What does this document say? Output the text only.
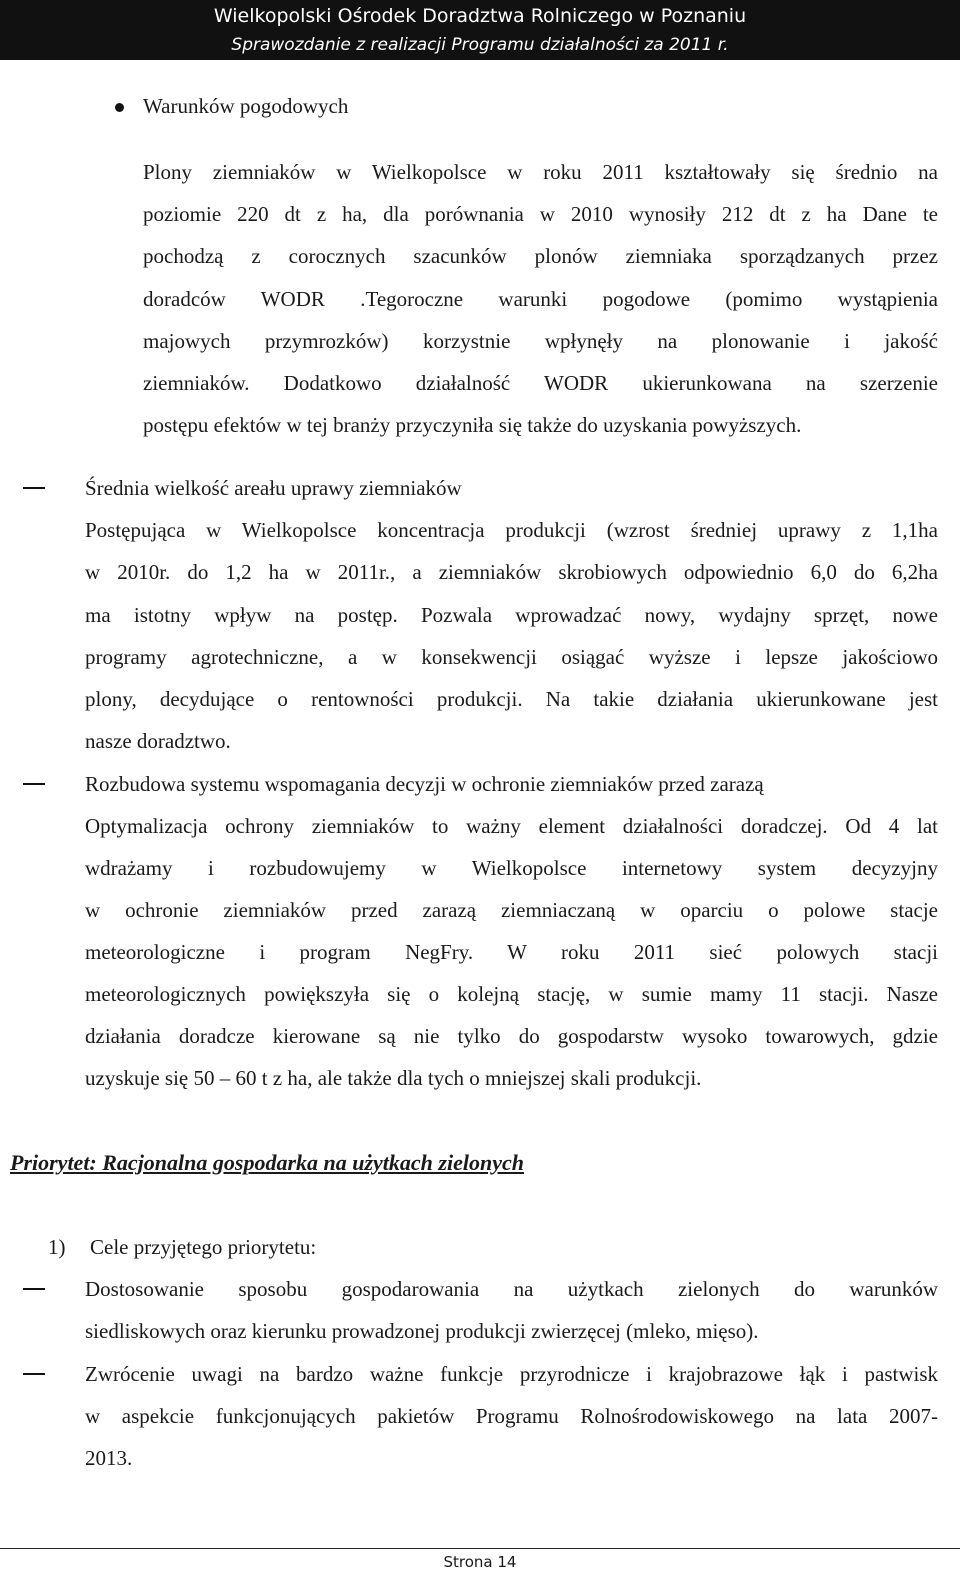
Wielkopolski Ośrodek Doradztwa Rolniczego w Poznaniu
Sprawozdanie z realizacji Programu działalności za 2011 r.
Warunków pogodowych
Plony ziemniaków w Wielkopolsce w roku 2011 kształtowały się średnio na
poziomie 220 dt z ha, dla porównania w 2010 wynosiły 212 dt z ha Dane te
pochodzą z corocznych szacunków plonów ziemniaka sporządzanych przez
doradców WODR .Tegoroczne warunki pogodowe (pomimo wystąpienia
majowych przymrozków) korzystnie wpłynęły na plonowanie i jakość
ziemniaków. Dodatkowo działalność WODR ukierunkowana na szerzenie
postępu efektów w tej branży przyczyniła się także do uzyskania powyższych.
Średnia wielkość areału uprawy ziemniaków
Postępująca w Wielkopolsce koncentracja produkcji (wzrost średniej uprawy z 1,1ha
w 2010r. do 1,2 ha w 2011r., a ziemniaków skrobiowych odpowiednio 6,0 do 6,2ha
ma istotny wpływ na postęp. Pozwala wprowadzać nowy, wydajny sprzęt, nowe
programy agrotechniczne, a w konsekwencji osiągać wyższe i lepsze jakościowo
plony, decydujące o rentowności produkcji. Na takie działania ukierunkowane jest
nasze doradztwo.
Rozbudowa systemu wspomagania decyzji w ochronie ziemniaków przed zarazą
Optymalizacja ochrony ziemniaków to ważny element działalności doradczej. Od 4 lat
wdrażamy i rozbudowujemy w Wielkopolsce internetowy system decyzyjny
w ochronie ziemniaków przed zarazą ziemniaczaną w oparciu o polowe stacje
meteorologiczne i program NegFry. W roku 2011 sieć polowych stacji
meteorologicznych powiększyła się o kolejną stację, w sumie mamy 11 stacji. Nasze
działania doradcze kierowane są nie tylko do gospodarstw wysoko towarowych, gdzie
uzyskuje się 50 – 60 t z ha, ale także dla tych o mniejszej skali produkcji.
Priorytet: Racjonalna gospodarka na użytkach zielonych
1) Cele przyjętego priorytetu:
Dostosowanie sposobu gospodarowania na użytkach zielonych do warunków
siedliskowych oraz kierunku prowadzonej produkcji zwierzęcej (mleko, mięso).
Zwrócenie uwagi na bardzo ważne funkcje przyrodnicze i krajobrazowe łąk i pastwisk
w aspekcie funkcjonujących pakietów Programu Rolnośrodowiskowego na lata 2007-
2013.
Strona 14
